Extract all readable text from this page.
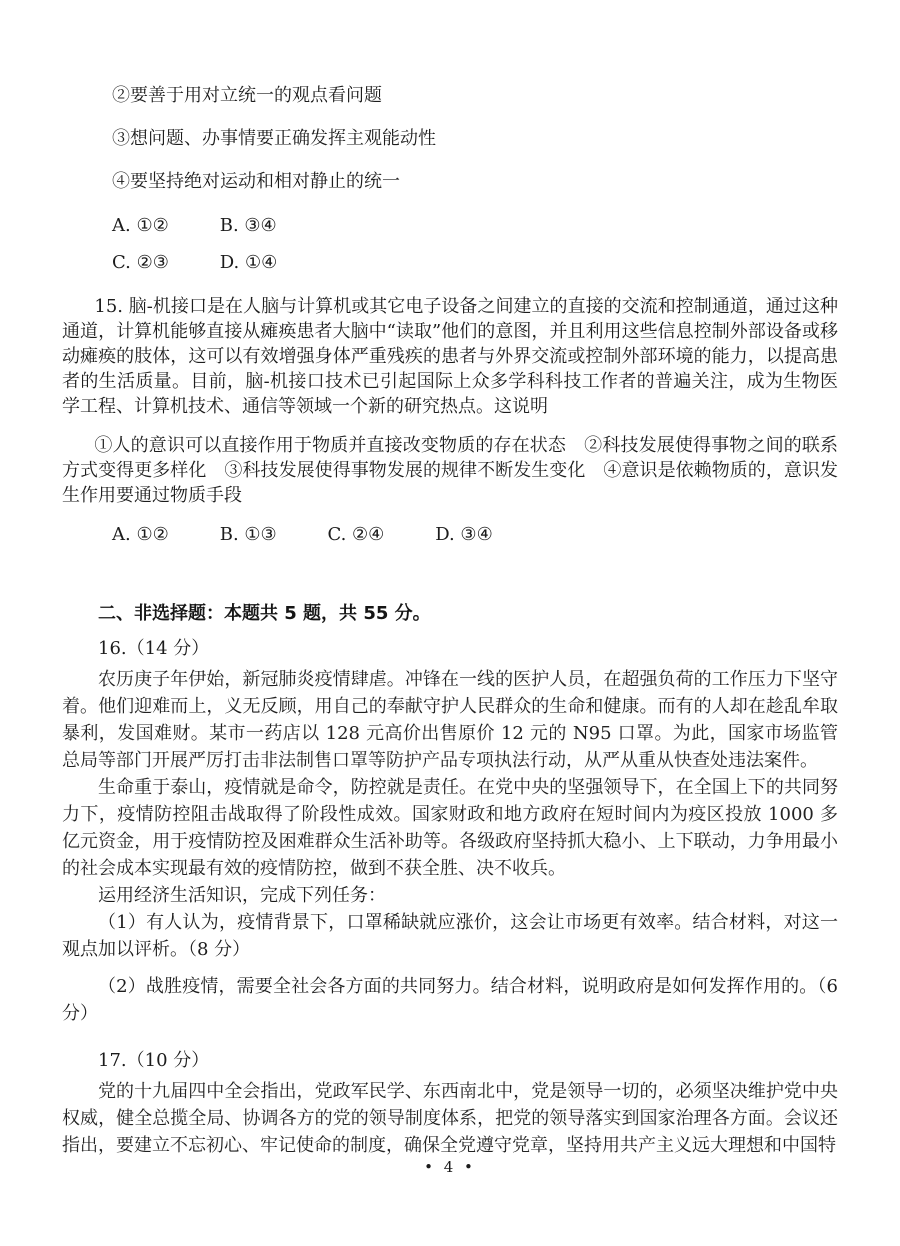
②要善于用对立统一的观点看问题

③想问题、办事情要正确发挥主观能动性

④要坚持绝对运动和相对静止的统一

A. ①②	B. ③④
C. ②③	D. ①④

15. 脑-机接口是在人脑与计算机或其它电子设备之间建立的直接的交流和控制通道，通过这种通道，计算机能够直接从瘫痪患者大脑中“读取”他们的意图，并且利用这些信息控制外部设备或移动瘫痪的肢体，这可以有效增强身体严重残疾的患者与外界交流或控制外部环境的能力，以提高患者的生活质量。目前，脑-机接口技术已引起国际上众多学科科技工作者的普遍关注，成为生物医学工程、计算机技术、通信等领域一个新的研究热点。这说明

①人的意识可以直接作用于物质并直接改变物质的存在状态　②科技发展使得事物之间的联系方式变得更多样化　③科技发展使得事物发展的规律不断发生变化　④意识是依赖物质的，意识发生作用要通过物质手段

A. ①②	B. ①③	C. ②④	D. ③④
二、非选择题：本题共 5 题，共 55 分。

16.（14 分）

农历庚子年伊始，新冠肺炎疫情肆虐。冲锋在一线的医护人员，在超强负荷的工作压力下坚守着。他们迎难而上，义无反顾，用自己的奉献守护人民群众的生命和健康。而有的人却在趁乱牟取暴利，发国难财。某市一药店以 128 元高价出售原价 12 元的 N95 口罩。为此，国家市场监管总局等部门开展严厉打击非法制售口罩等防护产品专项执法行动，从严从重从快查处违法案件。

生命重于泰山，疫情就是命令，防控就是责任。在党中央的坚强领导下，在全国上下的共同努力下，疫情防控阻击战取得了阶段性成效。国家财政和地方政府在短时间内为疫区投放 1000 多亿元资金，用于疫情防控及困难群众生活补助等。各级政府坚持抓大稳小、上下联动，力争用最小的社会成本实现最有效的疫情防控，做到不获全胜、决不收兵。

运用经济生活知识，完成下列任务：

（1）有人认为，疫情背景下，口罩稀缺就应涨价，这会让市场更有效率。结合材料，对这一观点加以评析。（8 分）

（2）战胜疫情，需要全社会各方面的共同努力。结合材料，说明政府是如何发挥作用的。（6 分）

17.（10 分）

党的十九届四中全会指出，党政军民学、东西南北中，党是领导一切的，必须坚决维护党中央权威，健全总揽全局、协调各方的党的领导制度体系，把党的领导落实到国家治理各方面。会议还指出，要建立不忘初心、牢记使命的制度，确保全党遵守党章，坚持用共产主义远大理想和中国特

• 4 •
